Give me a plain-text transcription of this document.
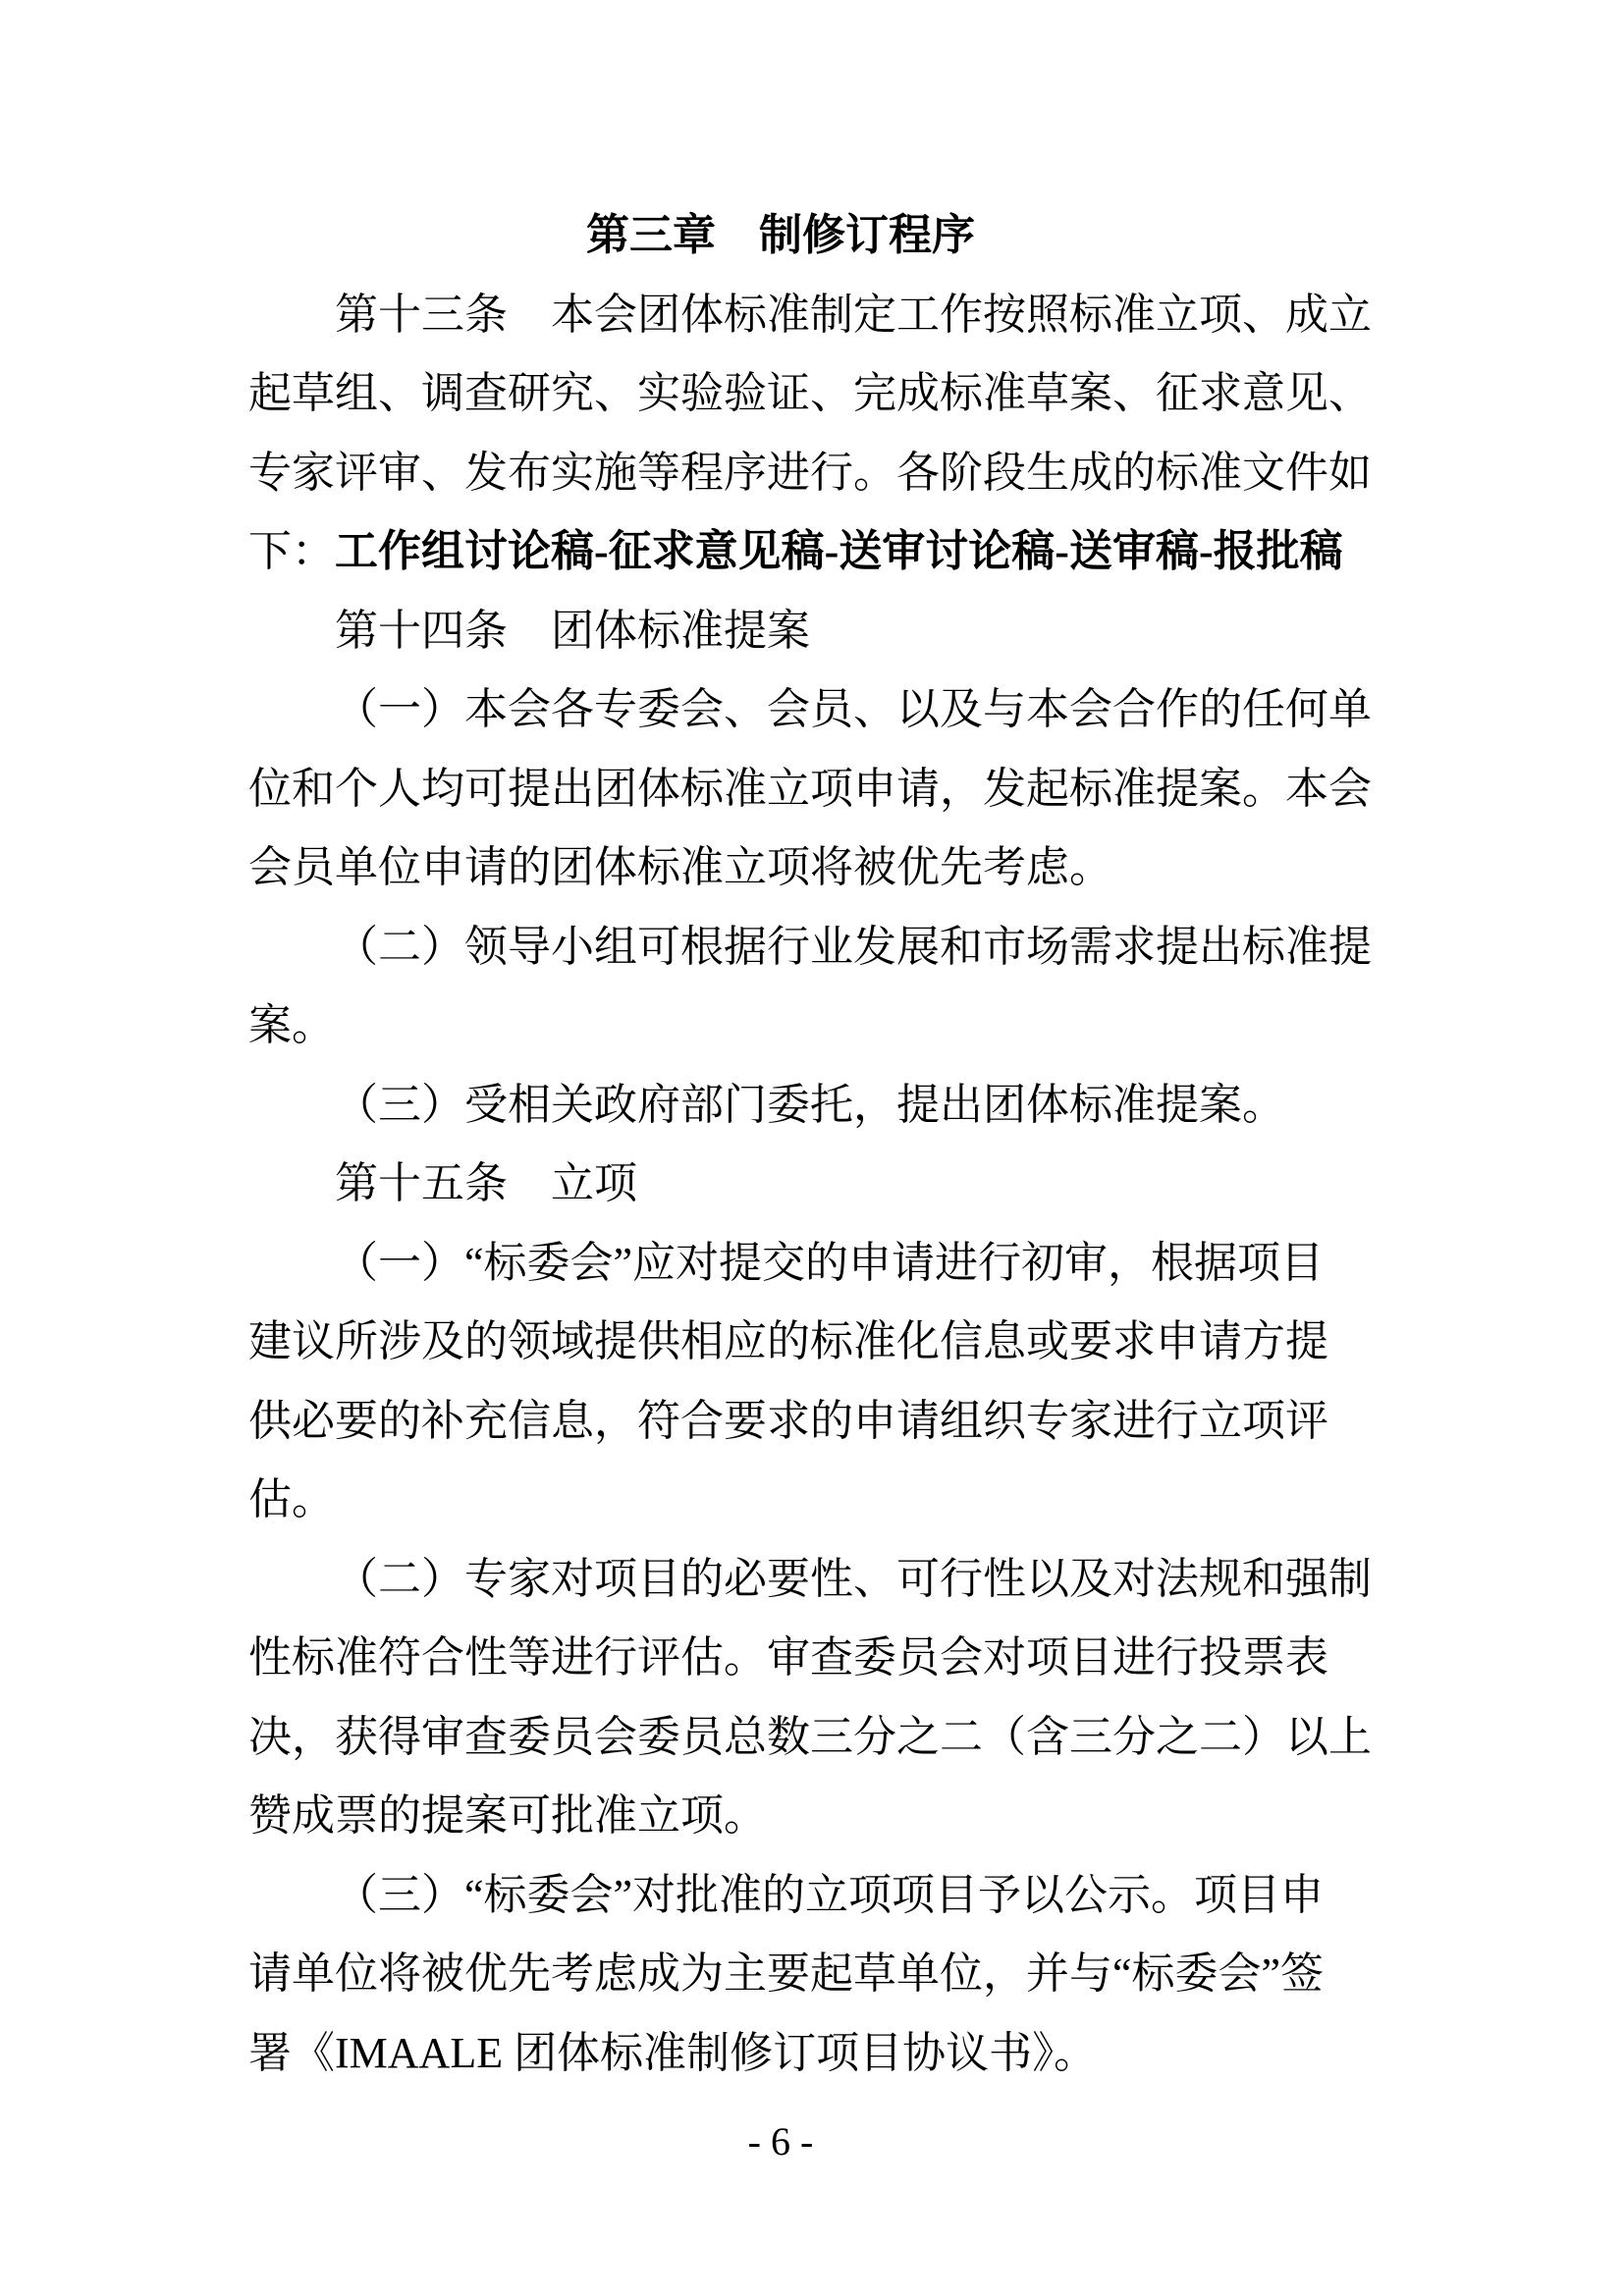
第三章　制修订程序
第十三条　本会团体标准制定工作按照标准立项、成立
起草组、调查研究、实验验证、完成标准草案、征求意见、
专家评审、发布实施等程序进行。各阶段生成的标准文件如
下：工作组讨论稿-征求意见稿-送审讨论稿-送审稿-报批稿
第十四条　团体标准提案
（一）本会各专委会、会员、以及与本会合作的任何单
位和个人均可提出团体标准立项申请，发起标准提案。本会
会员单位申请的团体标准立项将被优先考虑。
（二）领导小组可根据行业发展和市场需求提出标准提
案。
（三）受相关政府部门委托，提出团体标准提案。
第十五条　立项
（一）“标委会”应对提交的申请进行初审，根据项目
建议所涉及的领域提供相应的标准化信息或要求申请方提
供必要的补充信息，符合要求的申请组织专家进行立项评
估。
（二）专家对项目的必要性、可行性以及对法规和强制
性标准符合性等进行评估。审查委员会对项目进行投票表
决，获得审查委员会委员总数三分之二（含三分之二）以上
赞成票的提案可批准立项。
（三）“标委会”对批准的立项项目予以公示。项目申
请单位将被优先考虑成为主要起草单位，并与“标委会”签
署《IMAALE 团体标准制修订项目协议书》。
- 6 -
